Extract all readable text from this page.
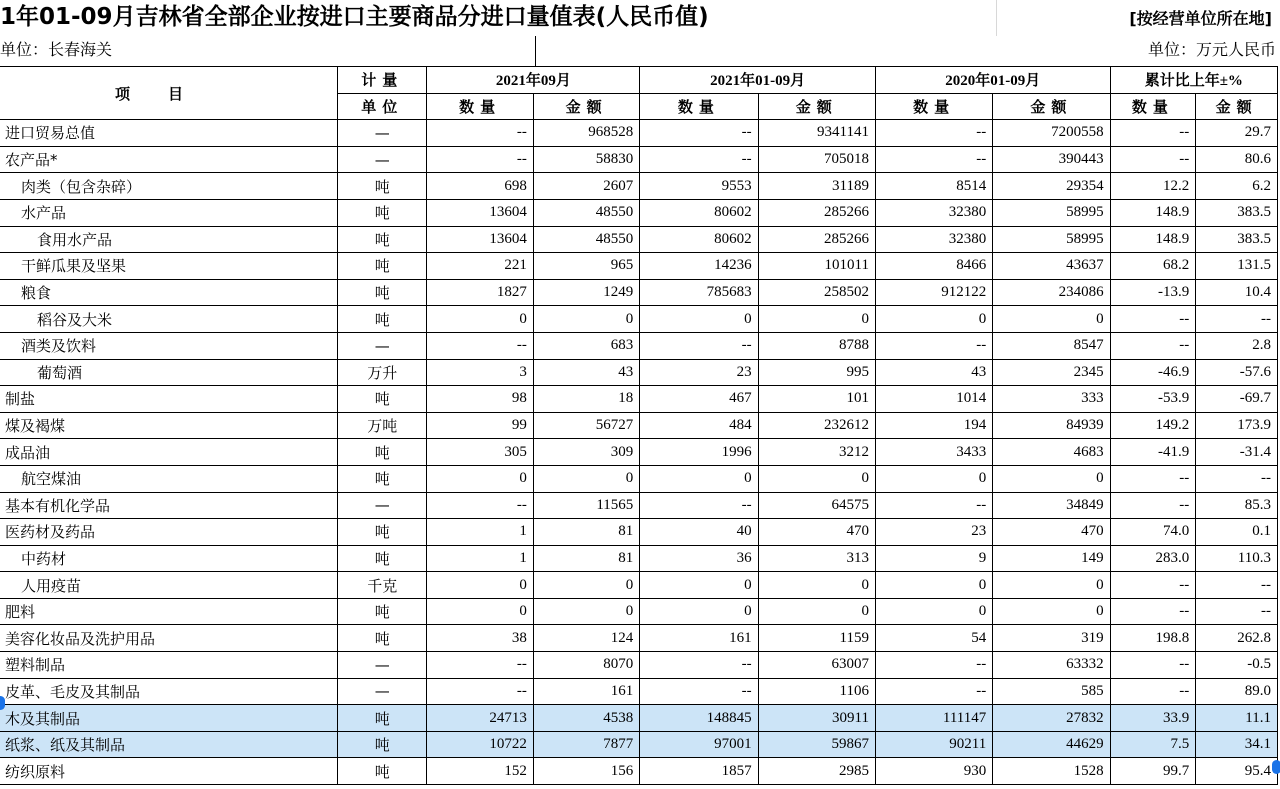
1年01-09月吉林省全部企业按进口主要商品分进口量值表(人民币值)	[按经营单位所在地]
单位：长春海关	单位：万元人民币
项目	计量	2021年09月		2021年01-09月		2020年01-09月		累计比上年±%	
	单位	数量	金额	数量	金额	数量	金额	数量	金额
进口贸易总值	—	--	968528	--	9341141	--	7200558	--	29.7
农产品*	—	--	58830	--	705018	--	390443	--	80.6
肉类（包含杂碎）	吨	698	2607	9553	31189	8514	29354	12.2	6.2
水产品	吨	13604	48550	80602	285266	32380	58995	148.9	383.5
食用水产品	吨	13604	48550	80602	285266	32380	58995	148.9	383.5
干鲜瓜果及坚果	吨	221	965	14236	101011	8466	43637	68.2	131.5
粮食	吨	1827	1249	785683	258502	912122	234086	-13.9	10.4
稻谷及大米	吨	0	0	0	0	0	0	--	--
酒类及饮料	—	--	683	--	8788	--	8547	--	2.8
葡萄酒	万升	3	43	23	995	43	2345	-46.9	-57.6
制盐	吨	98	18	467	101	1014	333	-53.9	-69.7
煤及褐煤	万吨	99	56727	484	232612	194	84939	149.2	173.9
成品油	吨	305	309	1996	3212	3433	4683	-41.9	-31.4
航空煤油	吨	0	0	0	0	0	0	--	--
基本有机化学品	—	--	11565	--	64575	--	34849	--	85.3
医药材及药品	吨	1	81	40	470	23	470	74.0	0.1
中药材	吨	1	81	36	313	9	149	283.0	110.3
人用疫苗	千克	0	0	0	0	0	0	--	--
肥料	吨	0	0	0	0	0	0	--	--
美容化妆品及洗护用品	吨	38	124	161	1159	54	319	198.8	262.8
塑料制品	—	--	8070	--	63007	--	63332	--	-0.5
皮革、毛皮及其制品	—	--	161	--	1106	--	585	--	89.0
木及其制品	吨	24713	4538	148845	30911	111147	27832	33.9	11.1
纸浆、纸及其制品	吨	10722	7877	97001	59867	90211	44629	7.5	34.1
纺织原料	吨	152	156	1857	2985	930	1528	99.7	95.4
